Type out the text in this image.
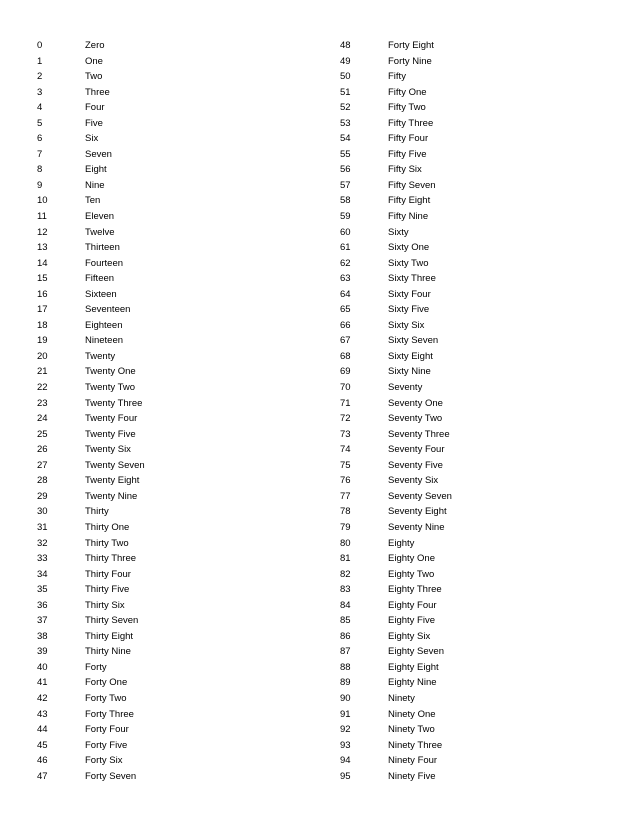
0	Zero
1	One
2	Two
3	Three
4	Four
5	Five
6	Six
7	Seven
8	Eight
9	Nine
10	Ten
11	Eleven
12	Twelve
13	Thirteen
14	Fourteen
15	Fifteen
16	Sixteen
17	Seventeen
18	Eighteen
19	Nineteen
20	Twenty
21	Twenty One
22	Twenty Two
23	Twenty Three
24	Twenty Four
25	Twenty Five
26	Twenty Six
27	Twenty Seven
28	Twenty Eight
29	Twenty Nine
30	Thirty
31	Thirty One
32	Thirty Two
33	Thirty Three
34	Thirty Four
35	Thirty Five
36	Thirty Six
37	Thirty Seven
38	Thirty Eight
39	Thirty Nine
40	Forty
41	Forty One
42	Forty Two
43	Forty Three
44	Forty Four
45	Forty Five
46	Forty Six
47	Forty Seven
48	Forty Eight
49	Forty Nine
50	Fifty
51	Fifty One
52	Fifty Two
53	Fifty Three
54	Fifty Four
55	Fifty Five
56	Fifty Six
57	Fifty Seven
58	Fifty Eight
59	Fifty Nine
60	Sixty
61	Sixty One
62	Sixty Two
63	Sixty Three
64	Sixty Four
65	Sixty Five
66	Sixty Six
67	Sixty Seven
68	Sixty Eight
69	Sixty Nine
70	Seventy
71	Seventy One
72	Seventy Two
73	Seventy Three
74	Seventy Four
75	Seventy Five
76	Seventy Six
77	Seventy Seven
78	Seventy Eight
79	Seventy Nine
80	Eighty
81	Eighty One
82	Eighty Two
83	Eighty Three
84	Eighty Four
85	Eighty Five
86	Eighty Six
87	Eighty Seven
88	Eighty Eight
89	Eighty Nine
90	Ninety
91	Ninety One
92	Ninety Two
93	Ninety Three
94	Ninety Four
95	Ninety Five
